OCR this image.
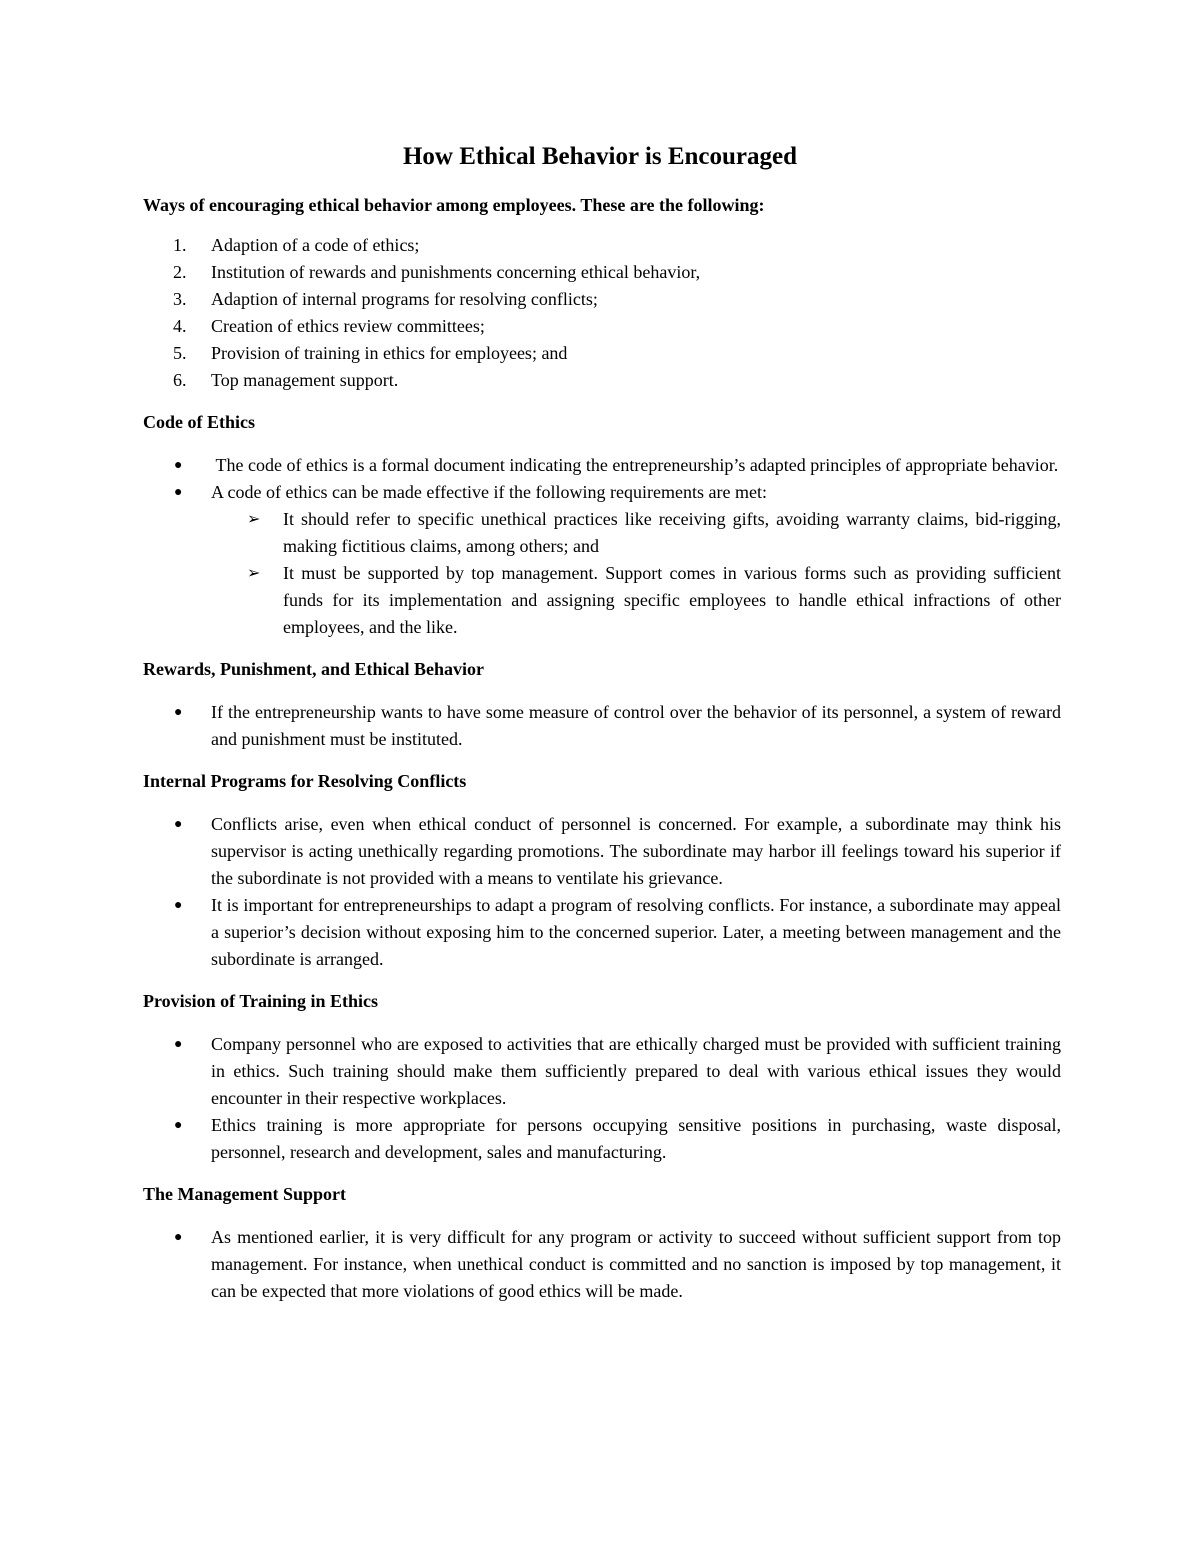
How Ethical Behavior is Encouraged

Ways of encouraging ethical behavior among employees. These are the following:

1. Adaption of a code of ethics;
2. Institution of rewards and punishments concerning ethical behavior,
3. Adaption of internal programs for resolving conflicts;
4. Creation of ethics review committees;
5. Provision of training in ethics for employees; and
6. Top management support.

Code of Ethics

● The code of ethics is a formal document indicating the entrepreneurship’s adapted principles of appropriate behavior.
● A code of ethics can be made effective if the following requirements are met:
➢ It should refer to specific unethical practices like receiving gifts, avoiding warranty claims, bid-rigging, making fictitious claims, among others; and
➢ It must be supported by top management. Support comes in various forms such as providing sufficient funds for its implementation and assigning specific employees to handle ethical infractions of other employees, and the like.

Rewards, Punishment, and Ethical Behavior

● If the entrepreneurship wants to have some measure of control over the behavior of its personnel, a system of reward and punishment must be instituted.

Internal Programs for Resolving Conflicts

● Conflicts arise, even when ethical conduct of personnel is concerned. For example, a subordinate may think his supervisor is acting unethically regarding promotions. The subordinate may harbor ill feelings toward his superior if the subordinate is not provided with a means to ventilate his grievance.
● It is important for entrepreneurships to adapt a program of resolving conflicts. For instance, a subordinate may appeal a superior’s decision without exposing him to the concerned superior. Later, a meeting between management and the subordinate is arranged.

Provision of Training in Ethics

● Company personnel who are exposed to activities that are ethically charged must be provided with sufficient training in ethics. Such training should make them sufficiently prepared to deal with various ethical issues they would encounter in their respective workplaces.
● Ethics training is more appropriate for persons occupying sensitive positions in purchasing, waste disposal, personnel, research and development, sales and manufacturing.

The Management Support

● As mentioned earlier, it is very difficult for any program or activity to succeed without sufficient support from top management. For instance, when unethical conduct is committed and no sanction is imposed by top management, it can be expected that more violations of good ethics will be made.
